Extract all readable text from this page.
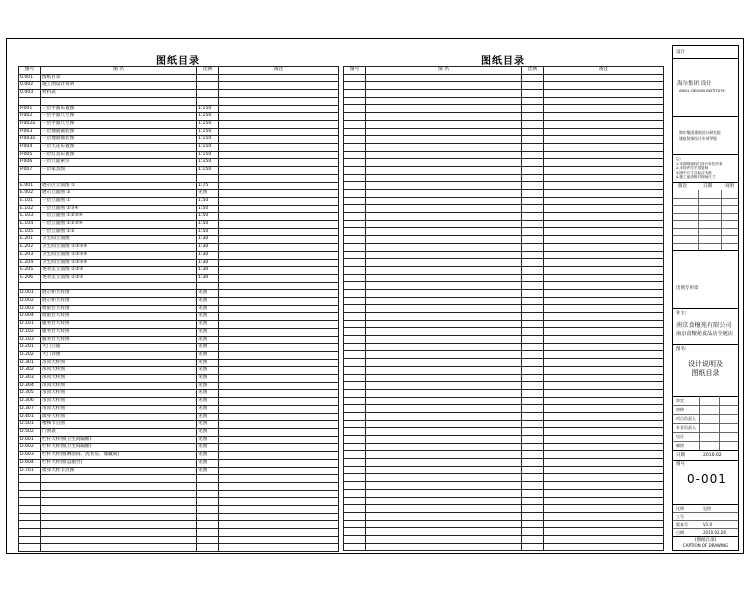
图纸目录
图号	图 名	比例	备注
0.001	图纸目录		
0.002	施工图设计说明		
0.003	材料表		

P.001	一层平面布置图	1:150	
P.002	一层平面尺寸图	1:150	
P.002a	一层平面尺寸图	1:150	
P.003	一层地面铺装图	1:150	
P.003a	一层地面铺装图	1:150	
P.004	一层天花布置图	1:150	
P.005	一层灯具布置图	1:150	
P.006	一层立面索引	1:150	
P.007	一层家具图	1:150	

E.001	展示区立面图 ①	1:75	
E.002	展示立面图 ②	见图	
E.101	一层立面图 ①	1:50	
E.102	一层立面图 ②③④	1:50	
E.103	一层立面图 ①②③④	1:50	
E.104	一层立面图 ①②③④	1:50	
E.105	一层立面图 ①②	1:50	
E.201	卫生间立面图	1:30	
E.202	卫生间立面图 ①②③④	1:30	
E.203	卫生间立面图 ①②③④	1:30	
E.204	卫生间立面图 ①②③④	1:30	
E.205	更衣室立面图 ①②③	1:30	
E.206	更衣室立面图 ①②③	1:30	

D.001	展示柜大样图	见图	
D.002	展示柜大样图	见图	
D.003	收银台大样图	见图	
D.004	收银台大样图	见图	
D.101	服务台大样图	见图	
D.102	服务台大样图	见图	
D.103	服务台大样图	见图	
D.201	大门立面	见图	
D.202	大门详图	见图	
D.301	吊顶大样图	见图	
D.302	吊顶大样图	见图	
D.303	吊顶大样图	见图	
D.304	吊顶大样图	见图	
D.305	吊顶大样图	见图	
D.306	吊顶大样图	见图	
D.307	吊顶大样图	见图	
D.401	墙身大样图	见图	
D.501	楼梯节点图	见图	
D.502	门窗表	见图	
D.601	栏杆大样图(卫生间隔断)	见图	
D.602	栏杆大样图(卫生间隔断)	见图	
D.603	栏杆大样图(淋浴间、洗衣房、储藏间)	见图	
D.604	栏杆大样图(总服台)	见图	
D.701	墙身大样节点图	见图	

图纸目录
图号	图 名	比例	备注

设计
海尔集团 设计
ARCH. DESIGN INSTITUTE
海尔集团建筑设计研究院
建筑装饰设计专项甲级
注:
1.本图纸版权归设计单位所有
2.未经许可不得复制
3.图中尺寸以标注为准
4.施工前请核对现场尺寸
版次	日期	说明
出图专用章
业主:
南京食檀苑有限公司
南京食檀苑食品店全链店
图名:
设计说明及
图纸目录
审定
审核
项目负责人
专业负责人
设计
制图
日期	2010.02
图号
0-001
比例	见图
工号
版本号	V1.0
日期	2010.02.26
(图纸目录)
CAPTION OF DRAWING
